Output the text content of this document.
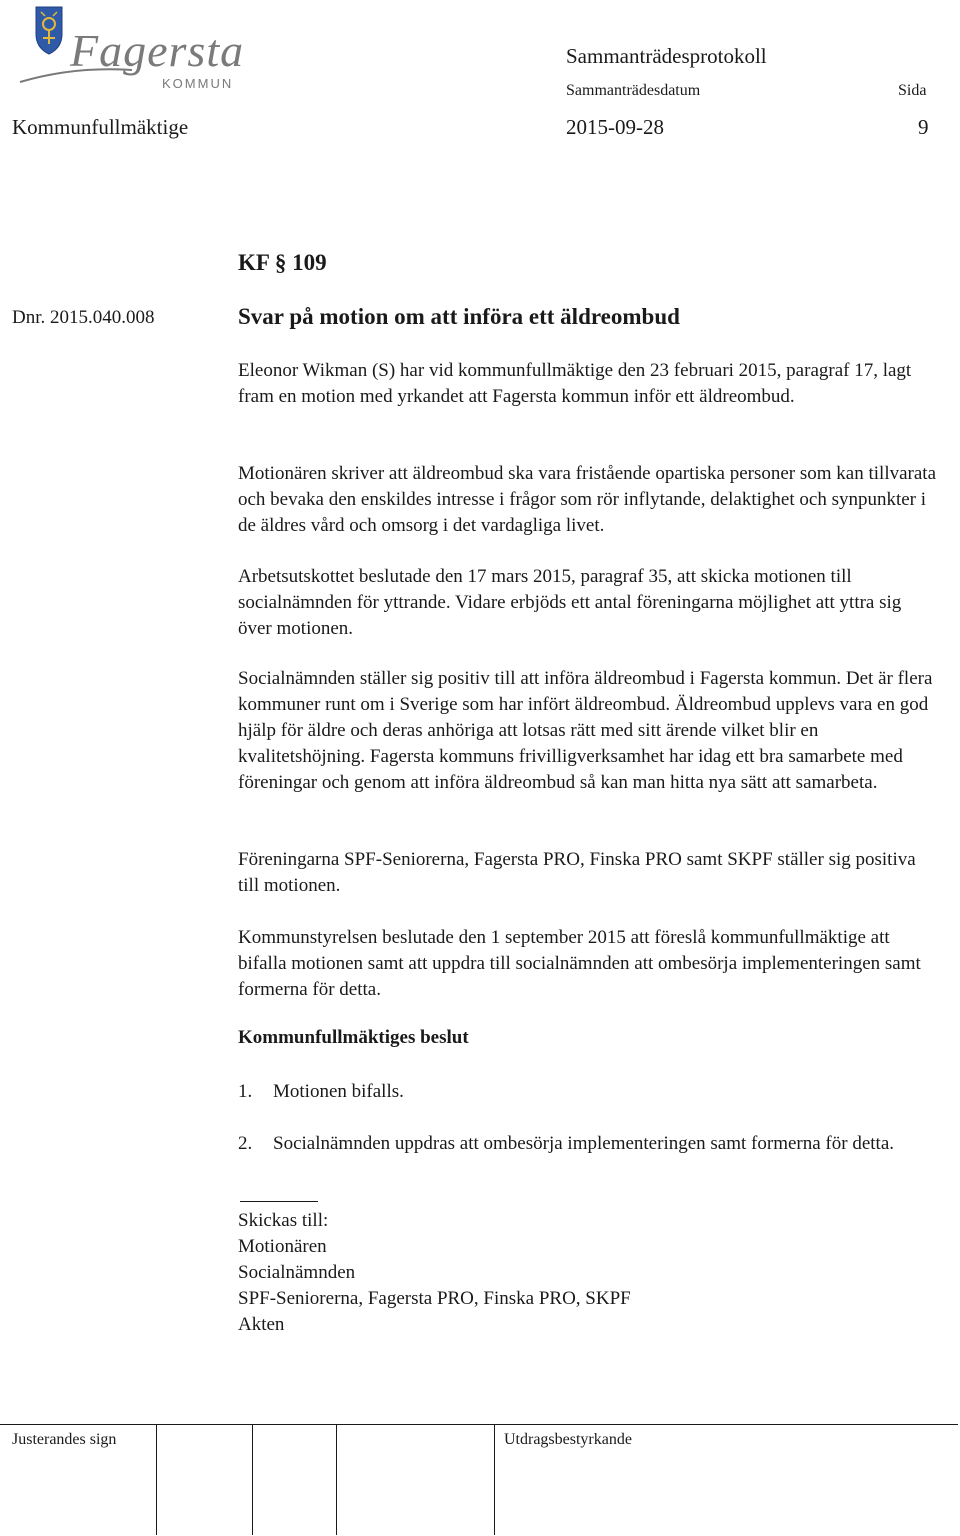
Fagersta
KOMMUN
Sammanträdesprotokoll
Sammanträdesdatum	Sida
Kommunfullmäktige	2015-09-28	9
KF § 109
Dnr. 2015.040.008	Svar på motion om att införa ett äldreombud

Eleonor Wikman (S) har vid kommunfullmäktige den 23 februari 2015, paragraf 17, lagt fram en motion med yrkandet att Fagersta kommun inför ett äldreombud.

Motionären skriver att äldreombud ska vara fristående opartiska personer som kan tillvarata och bevaka den enskildes intresse i frågor som rör inflytande, delaktighet och synpunkter i de äldres vård och omsorg i det vardagliga livet.

Arbetsutskottet beslutade den 17 mars 2015, paragraf 35, att skicka motionen till socialnämnden för yttrande. Vidare erbjöds ett antal föreningarna möjlighet att yttra sig över motionen.

Socialnämnden ställer sig positiv till att införa äldreombud i Fagersta kommun. Det är flera kommuner runt om i Sverige som har infört äldreombud. Äldreombud upplevs vara en god hjälp för äldre och deras anhöriga att lotsas rätt med sitt ärende vilket blir en kvalitetshöjning. Fagersta kommuns frivilligverksamhet har idag ett bra samarbete med föreningar och genom att införa äldreombud så kan man hitta nya sätt att samarbeta.

Föreningarna SPF-Seniorerna, Fagersta PRO, Finska PRO samt SKPF ställer sig positiva till motionen.

Kommunstyrelsen beslutade den 1 september 2015 att föreslå kommunfullmäktige att bifalla motionen samt att uppdra till socialnämnden att ombesörja implementeringen samt formerna för detta.

Kommunfullmäktiges beslut
1. Motionen bifalls.
2. Socialnämnden uppdras att ombesörja implementeringen samt formerna för detta.
Skickas till:
Motionären
Socialnämnden
SPF-Seniorerna, Fagersta PRO, Finska PRO, SKPF
Akten
Justerandes sign	Utdragsbestyrkande
